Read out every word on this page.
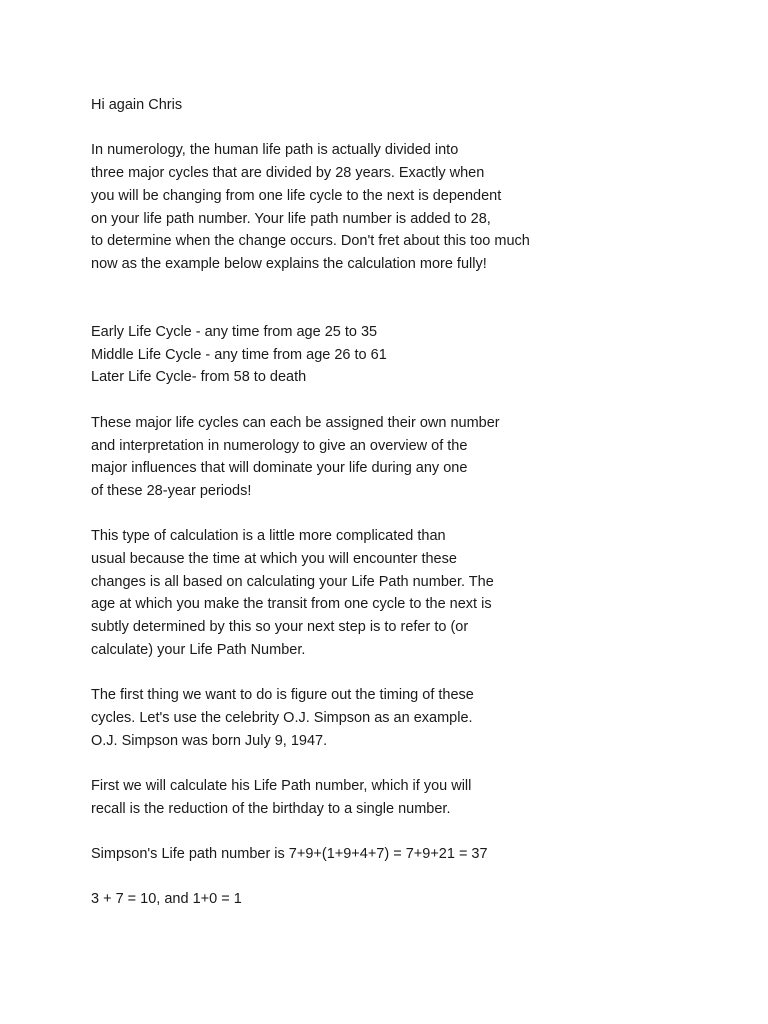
Hi again Chris

In numerology, the human life path is actually divided into
three major cycles that are divided by 28 years. Exactly when
you will be changing from one life cycle to the next is dependent
on your life path number. Your life path number is added to 28,
to determine when the change occurs. Don't fret about this too much
now as the example below explains the calculation more fully!

Early Life Cycle - any time from age 25 to 35
Middle Life Cycle - any time from age 26 to 61
Later Life Cycle- from 58 to death

These major life cycles can each be assigned their own number
and interpretation in numerology to give an overview of the
major influences that will dominate your life during any one
of these 28-year periods!

This type of calculation is a little more complicated than
usual because the time at which you will encounter these
changes is all based on calculating your Life Path number. The
age at which you make the transit from one cycle to the next is
subtly determined by this so your next step is to refer to (or
calculate) your Life Path Number.

The first thing we want to do is figure out the timing of these
cycles. Let's use the celebrity O.J. Simpson as an example.
O.J. Simpson was born July 9, 1947.

First we will calculate his Life Path number, which if you will
recall is the reduction of the birthday to a single number.

Simpson's Life path number is 7+9+(1+9+4+7) = 7+9+21 = 37

3 + 7 = 10, and 1+0 = 1
